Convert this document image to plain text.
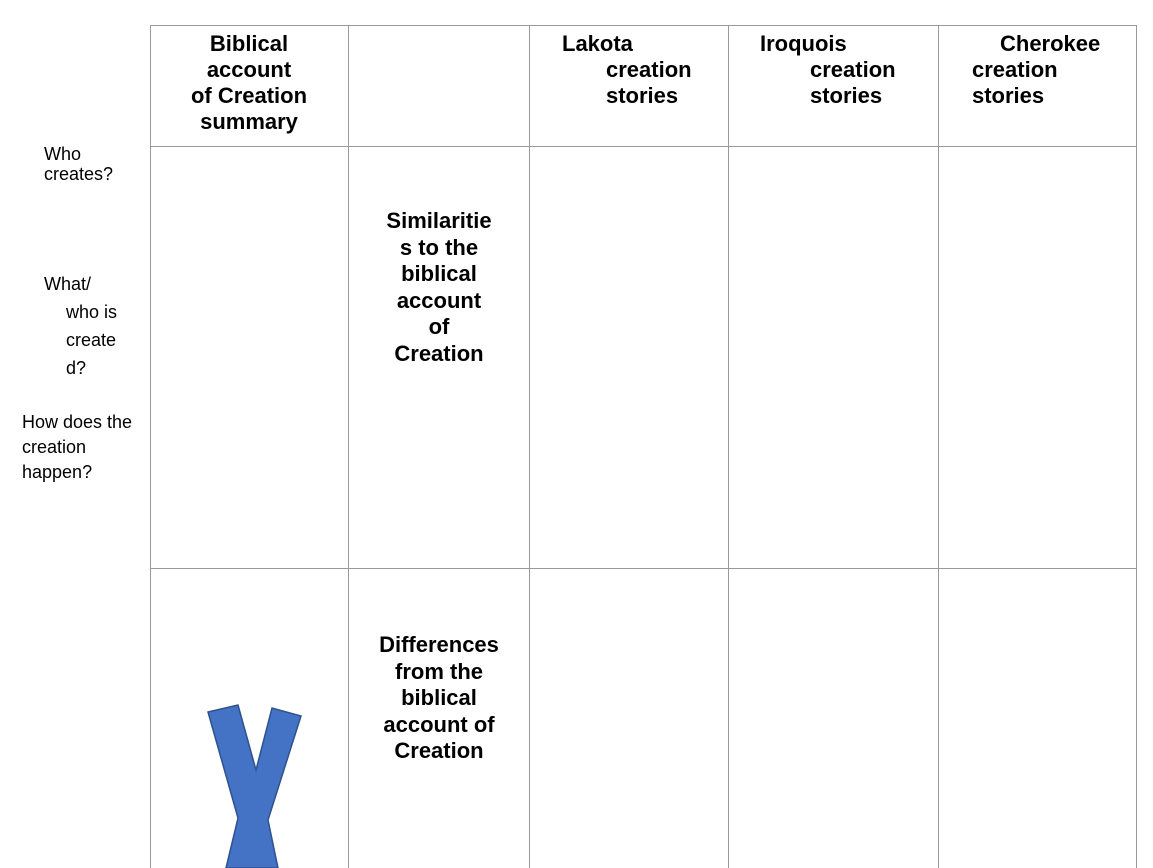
Biblical
account
of Creation
summary

Lakota

creation
stories

Iroquois

creation
stories

Cherokee

creation
stories

Similaritie
s to the
biblical
account
of
Creation

Differences
from the
biblical
account of
Creation

Who
creates?

What/

who is

create

d?

How does the
creation
happen?
